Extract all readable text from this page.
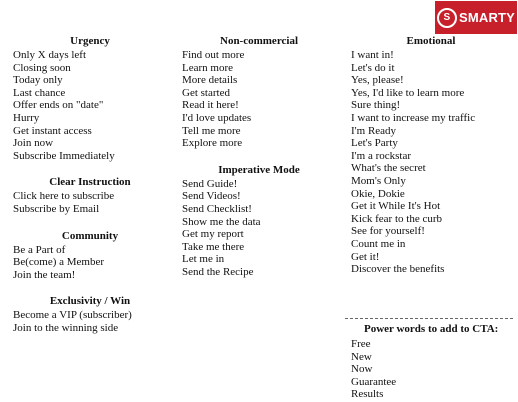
S SMARTY
Urgency
Only X days left
Closing soon
Today only
Last chance
Offer ends on "date"
Hurry
Get instant access
Join now
Subscribe Immediately
Clear Instruction
Click here to subscribe
Subscribe by Email
Community
Be a Part of
Be(come) a Member
Join the team!
Exclusivity / Win
Become a VIP (subscriber)
Join to the winning side
Non-commercial
Find out more
Learn more
More details
Get started
Read it here!
I'd love updates
Tell me more
Explore more
Imperative Mode
Send Guide!
Send Videos!
Send Checklist!
Show me the data
Get my report
Take me there
Let me in
Send the Recipe
Emotional
I want in!
Let's do it
Yes, please!
Yes, I'd like to learn more
Sure thing!
I want to increase my traffic
I'm Ready
Let's Party
I'm a rockstar
What's the secret
Mom's Only
Okie, Dokie
Get it While It's Hot
Kick fear to the curb
See for yourself!
Count me in
Get it!
Discover the benefits
Power words to add to CTA:
Free
New
Now
Guarantee
Results
